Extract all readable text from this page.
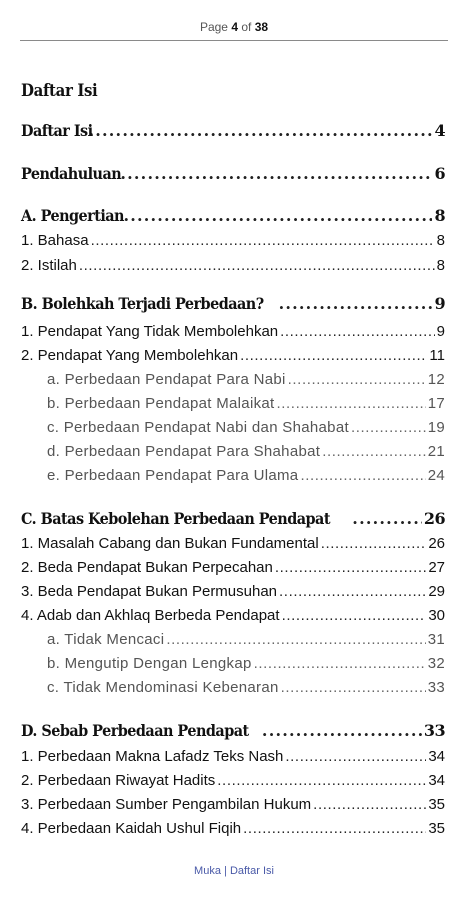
Page 4 of 38
Daftar Isi
Daftar Isi .....	4
Pendahuluan .....	6
A. Pengertian .....	8
1. Bahasa .....	8
2. Istilah .....	8
B. Bolehkah Terjadi Perbedaan? .....	9
1. Pendapat Yang Tidak Membolehkan .....	9
2. Pendapat Yang Membolehkan .....	11
a. Perbedaan Pendapat Para Nabi .....	12
b. Perbedaan Pendapat Malaikat .....	17
c. Perbedaan Pendapat Nabi dan Shahabat .....	19
d. Perbedaan Pendapat Para Shahabat .....	21
e. Perbedaan Pendapat Para Ulama .....	24
C. Batas Kebolehan Perbedaan Pendapat .....	26
1. Masalah Cabang dan Bukan Fundamental .....	26
2. Beda Pendapat Bukan Perpecahan .....	27
3. Beda Pendapat Bukan Permusuhan .....	29
4. Adab dan Akhlaq Berbeda Pendapat .....	30
a. Tidak Mencaci .....	31
b. Mengutip Dengan Lengkap .....	32
c. Tidak Mendominasi Kebenaran .....	33
D. Sebab Perbedaan Pendapat .....	33
1. Perbedaan Makna Lafadz Teks Nash .....	34
2. Perbedaan Riwayat Hadits .....	34
3. Perbedaan Sumber Pengambilan Hukum .....	35
4. Perbedaan Kaidah Ushul Fiqih .....	35
Muka | Daftar Isi
